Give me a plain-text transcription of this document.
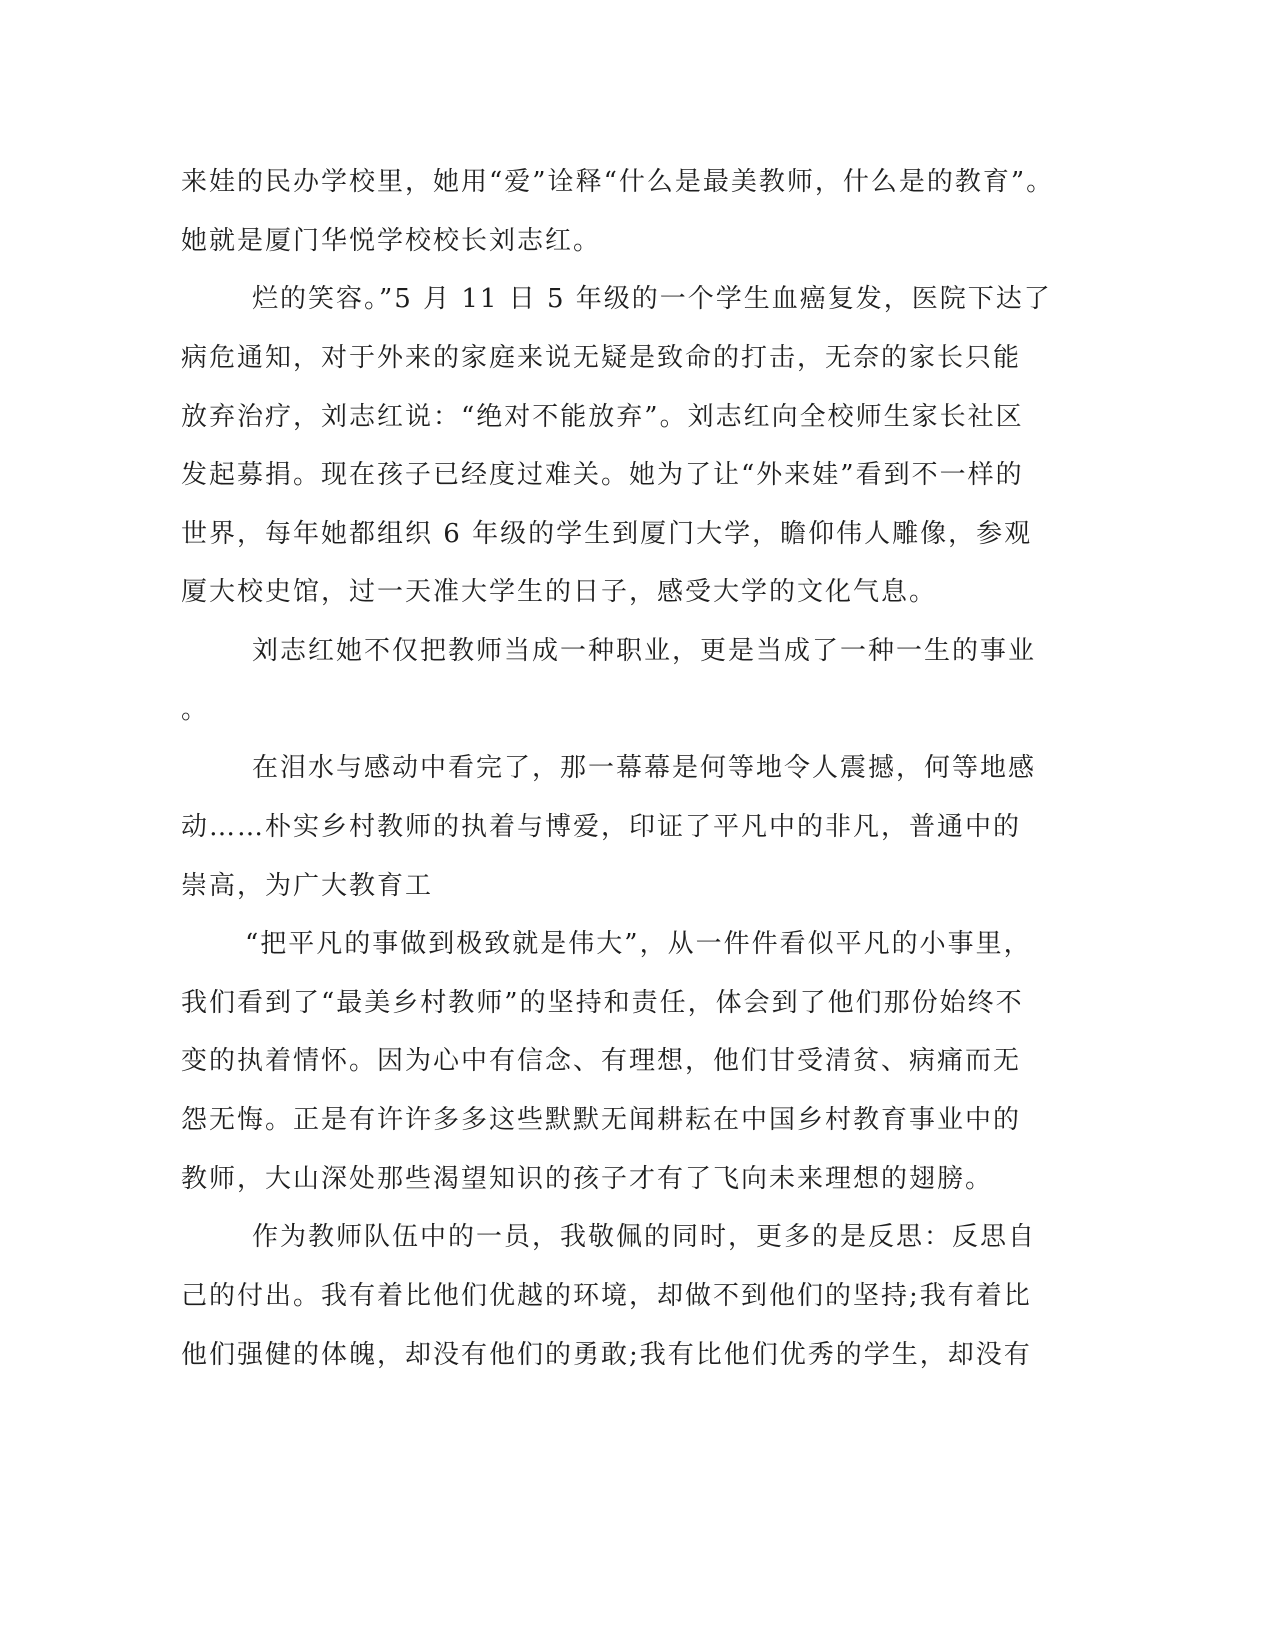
来娃的民办学校里，她用“爱”诠释“什么是最美教师，什么是的教育”。
她就是厦门华悦学校校长刘志红。
烂的笑容。”5 月 11 日 5 年级的一个学生血癌复发，医院下达了
病危通知，对于外来的家庭来说无疑是致命的打击，无奈的家长只能
放弃治疗，刘志红说：“绝对不能放弃”。刘志红向全校师生家长社区
发起募捐。现在孩子已经度过难关。她为了让“外来娃”看到不一样的
世界，每年她都组织 6 年级的学生到厦门大学，瞻仰伟人雕像，参观
厦大校史馆，过一天准大学生的日子，感受大学的文化气息。
刘志红她不仅把教师当成一种职业，更是当成了一种一生的事业
。
在泪水与感动中看完了，那一幕幕是何等地令人震撼，何等地感
动……朴实乡村教师的执着与博爱，印证了平凡中的非凡，普通中的
崇高，为广大教育工
“把平凡的事做到极致就是伟大”，从一件件看似平凡的小事里，
我们看到了“最美乡村教师”的坚持和责任，体会到了他们那份始终不
变的执着情怀。因为心中有信念、有理想，他们甘受清贫、病痛而无
怨无悔。正是有许许多多这些默默无闻耕耘在中国乡村教育事业中的
教师，大山深处那些渴望知识的孩子才有了飞向未来理想的翅膀。
作为教师队伍中的一员，我敬佩的同时，更多的是反思：反思自
己的付出。我有着比他们优越的环境，却做不到他们的坚持;我有着比
他们强健的体魄，却没有他们的勇敢;我有比他们优秀的学生，却没有
